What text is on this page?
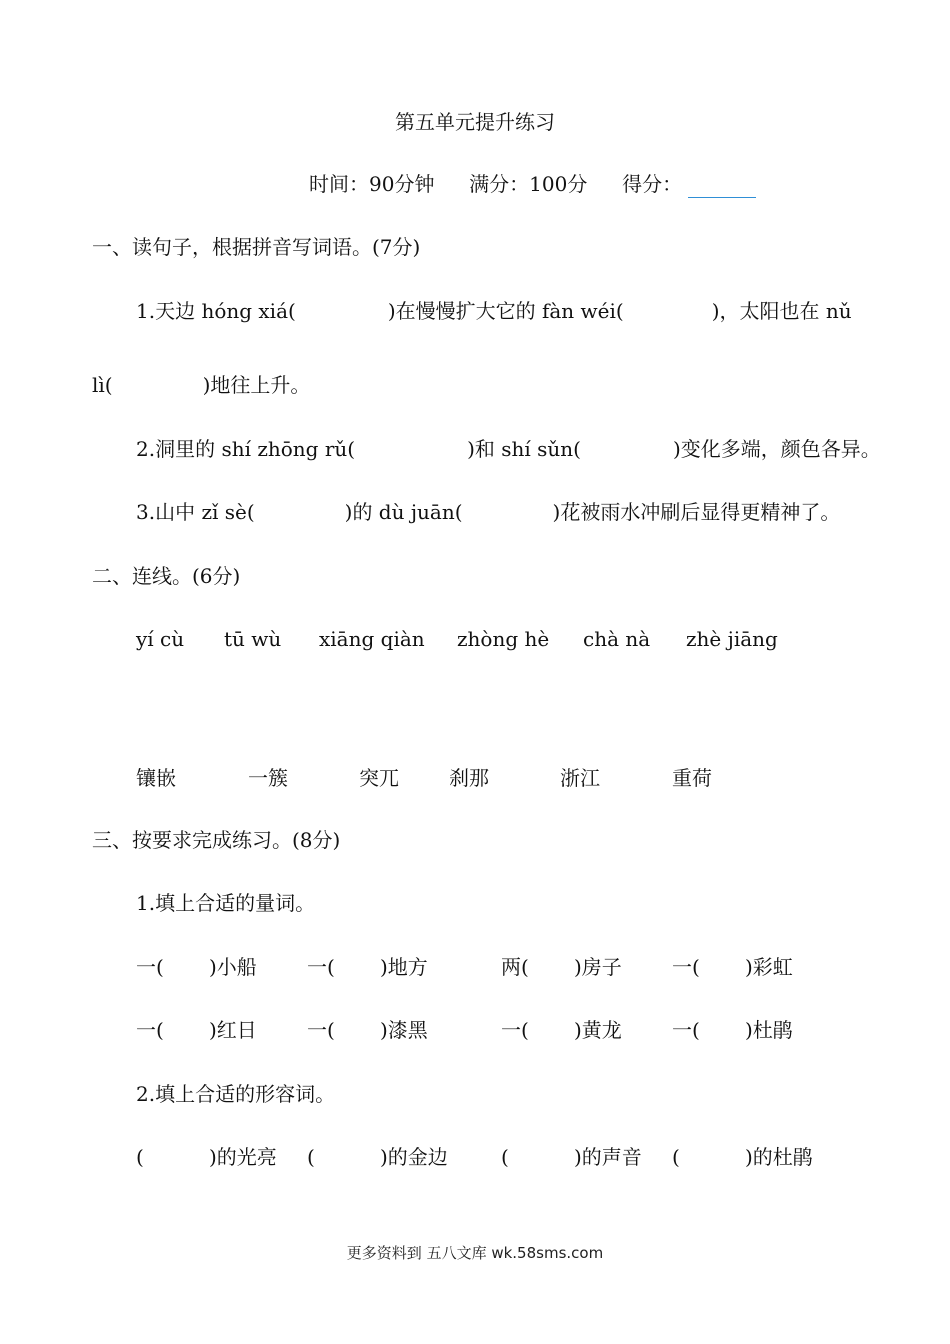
第五单元提升练习
时间：90分钟 满分：100分 得分：
一、读句子，根据拼音写词语。(7分)
1.天边 hóng xiá(	)在慢慢扩大它的 fàn wéi(	)，太阳也在 nǔ
lì(	)地往上升。
2.洞里的 shí zhōng rǔ(	)和 shí sǔn(	)变化多端，颜色各异。
3.山中 zǐ sè(	)的 dù juān(	)花被雨水冲刷后显得更精神了。
二、连线。(6分)
yí cù tū wù xiāng qiàn zhòng hè chà nà zhè jiāng
镶嵌	一簇	突兀	刹那	浙江	重荷
三、按要求完成练习。(8分)
1.填上合适的量词。
一( )小船	一( )地方	两( )房子	一( )彩虹
一( )红日	一( )漆黑	一( )黄龙	一( )杜鹃
2.填上合适的形容词。
(	)的光亮 (	)的金边	(	)的声音 (	)的杜鹃
更多资料到 五八文库 wk.58sms.com
